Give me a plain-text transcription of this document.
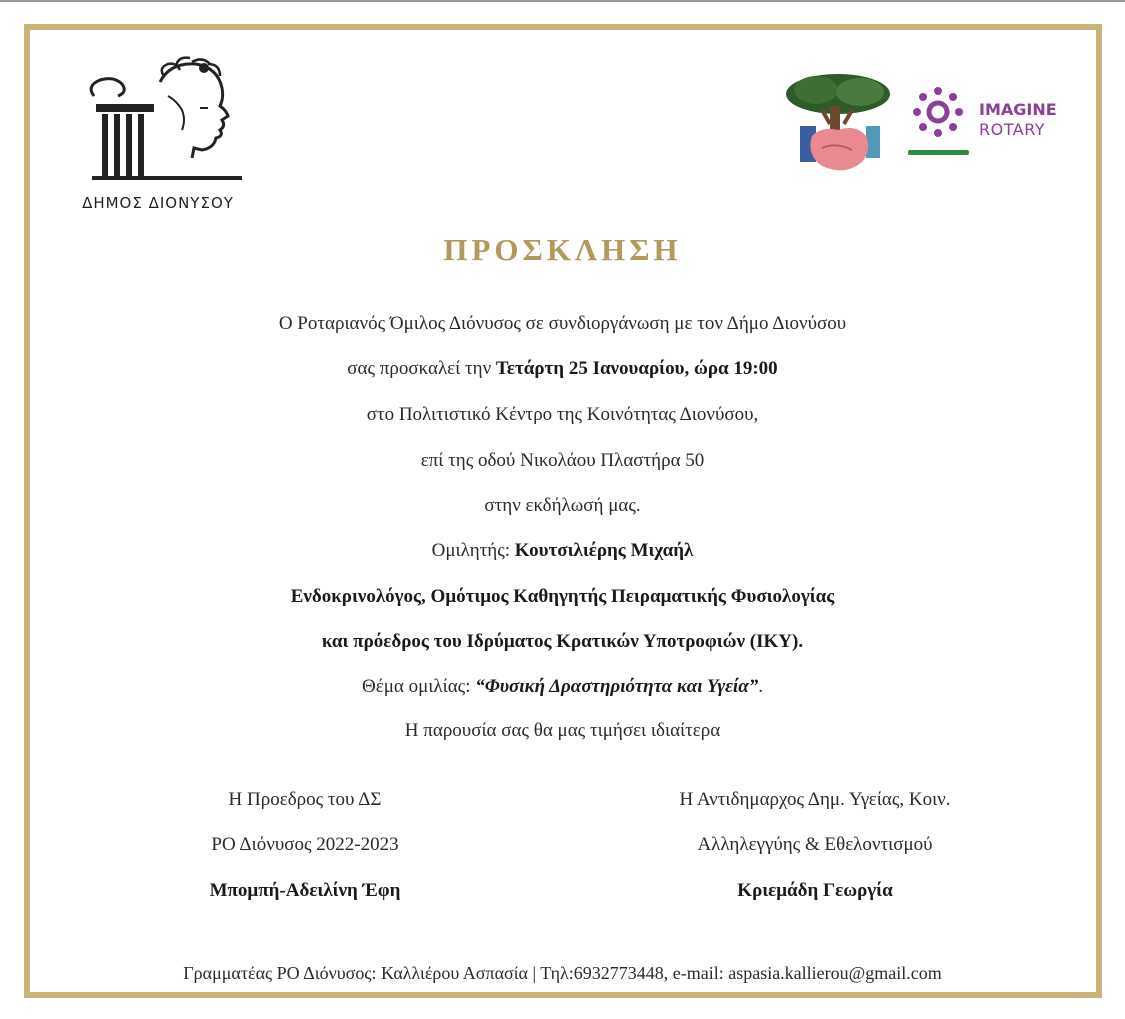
ΔΗΜΟΣ ΔΙΟΝΥΣΟΥ
IMAGINE
ROTARY
ΠΡΟΣΚΛΗΣΗ
Ο Ροταριανός Όμιλος Διόνυσος σε συνδιοργάνωση με τον Δήμο Διονύσου
σας προσκαλεί την Τετάρτη 25 Ιανουαρίου, ώρα 19:00
στο Πολιτιστικό Κέντρο της Κοινότητας Διονύσου,
επί της οδού Νικολάου Πλαστήρα 50
στην εκδήλωσή μας.
Ομιλητής: Κουτσιλιέρης Μιχαήλ
Ενδοκρινολόγος, Ομότιμος Καθηγητής Πειραματικής Φυσιολογίας
και πρόεδρος του Ιδρύματος Κρατικών Υποτροφιών (ΙΚΥ).
Θέμα ομιλίας: “Φυσική Δραστηριότητα και Υγεία”.
Η παρουσία σας θα μας τιμήσει ιδιαίτερα
Η Προεδρος του ΔΣ
ΡΟ Διόνυσος 2022-2023
Μπομπή-Αδειλίνη Έφη
Η Αντιδημαρχος Δημ. Υγείας, Κοιν.
Αλληλεγγύης & Εθελοντισμού
Κριεμάδη Γεωργία
Γραμματέας ΡΟ Διόνυσος: Καλλιέρου Ασπασία | Τηλ:6932773448, e-mail: aspasia.kallierou@gmail.com
